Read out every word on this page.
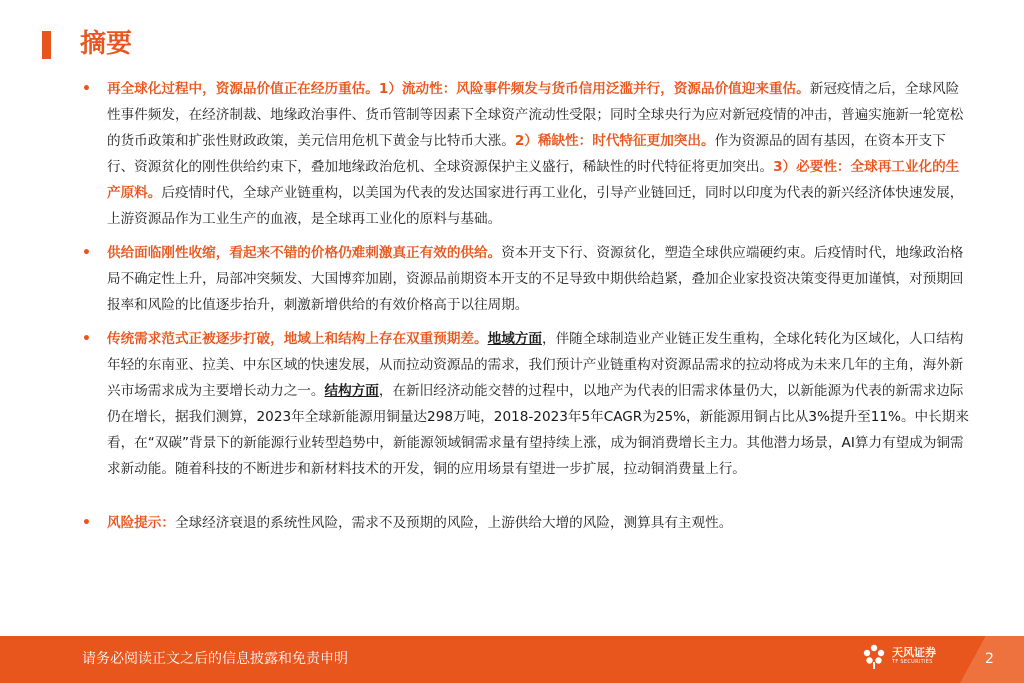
摘要
• 再全球化过程中，资源品价值正在经历重估。1）流动性：风险事件频发与货币信用泛滥并行，资源品价值迎来重估。新冠疫情之后，全球风险性事件频发，在经济制裁、地缘政治事件、货币管制等因素下全球资产流动性受限；同时全球央行为应对新冠疫情的冲击，普遍实施新一轮宽松的货币政策和扩张性财政政策，美元信用危机下黄金与比特币大涨。2）稀缺性：时代特征更加突出。作为资源品的固有基因，在资本开支下行、资源贫化的刚性供给约束下，叠加地缘政治危机、全球资源保护主义盛行，稀缺性的时代特征将更加突出。3）必要性：全球再工业化的生产原料。后疫情时代，全球产业链重构，以美国为代表的发达国家进行再工业化，引导产业链回迁，同时以印度为代表的新兴经济体快速发展，上游资源品作为工业生产的血液，是全球再工业化的原料与基础。
• 供给面临刚性收缩，看起来不错的价格仍难刺激真正有效的供给。资本开支下行、资源贫化，塑造全球供应端硬约束。后疫情时代，地缘政治格局不确定性上升，局部冲突频发、大国博弈加剧，资源品前期资本开支的不足导致中期供给趋紧，叠加企业家投资决策变得更加谨慎，对预期回报率和风险的比值逐步抬升，刺激新增供给的有效价格高于以往周期。
• 传统需求范式正被逐步打破，地域上和结构上存在双重预期差。地域方面，伴随全球制造业产业链正发生重构，全球化转化为区域化，人口结构年轻的东南亚、拉美、中东区域的快速发展，从而拉动资源品的需求，我们预计产业链重构对资源品需求的拉动将成为未来几年的主角，海外新兴市场需求成为主要增长动力之一。结构方面，在新旧经济动能交替的过程中，以地产为代表的旧需求体量仍大，以新能源为代表的新需求边际仍在增长，据我们测算，2023年全球新能源用铜量达298万吨，2018-2023年5年CAGR为25%，新能源用铜占比从3%提升至11%。中长期来看，在“双碳”背景下的新能源行业转型趋势中，新能源领域铜需求量有望持续上涨，成为铜消费增长主力。其他潜力场景，AI算力有望成为铜需求新动能。随着科技的不断进步和新材料技术的开发，铜的应用场景有望进一步扩展，拉动铜消费量上行。
• 风险提示：全球经济衰退的系统性风险，需求不及预期的风险，上游供给大增的风险，测算具有主观性。
请务必阅读正文之后的信息披露和免责申明	天风证券
TF SECURITIES	2
